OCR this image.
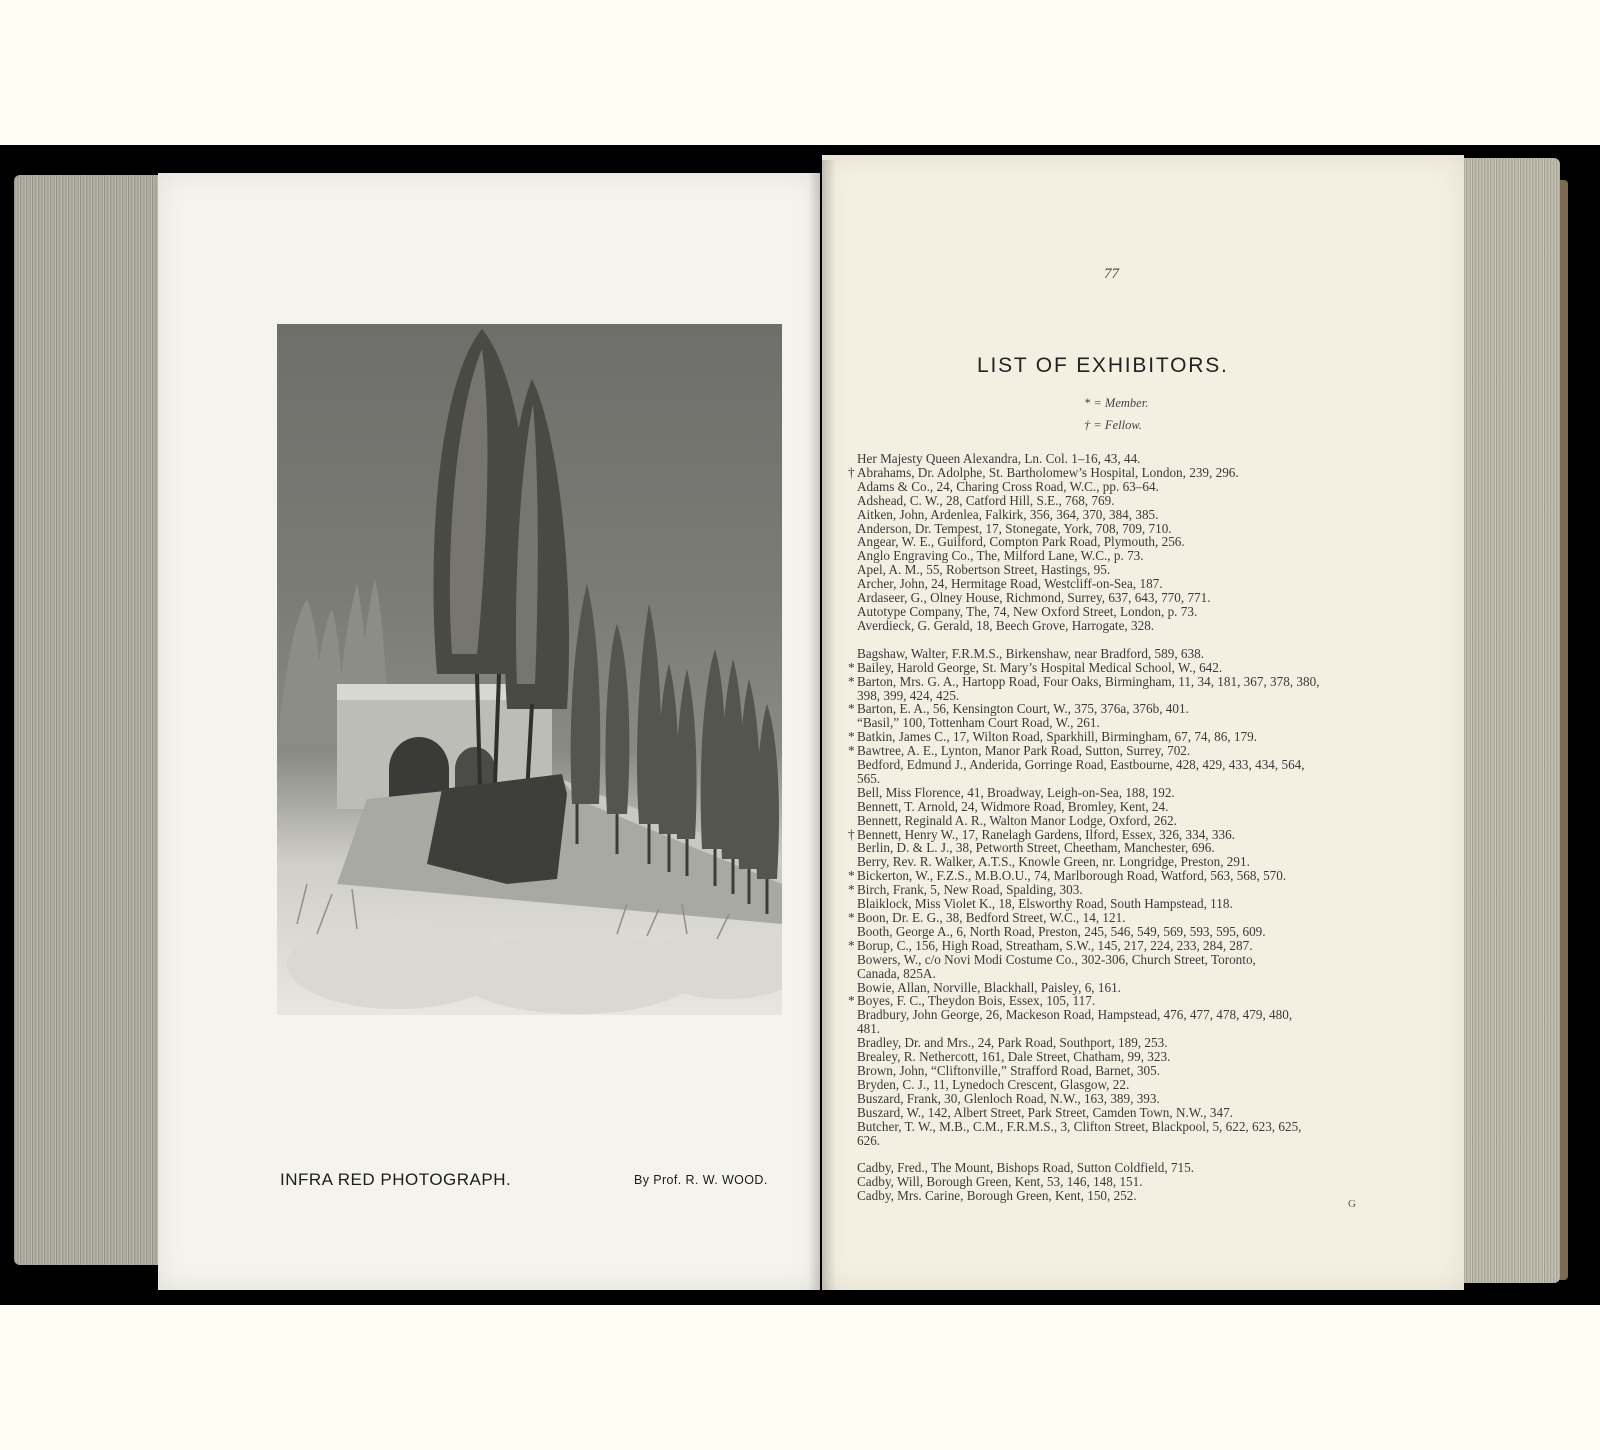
INFRA RED PHOTOGRAPH.	By Prof. R. W. WOOD.
77
LIST OF EXHIBITORS.
* = Member.
† = Fellow.
Her Majesty Queen Alexandra, Ln. Col. 1–16, 43, 44.
† Abrahams, Dr. Adolphe, St. Bartholomew’s Hospital, London, 239, 296.
Adams & Co., 24, Charing Cross Road, W.C., pp. 63–64.
Adshead, C. W., 28, Catford Hill, S.E., 768, 769.
Aitken, John, Ardenlea, Falkirk, 356, 364, 370, 384, 385.
Anderson, Dr. Tempest, 17, Stonegate, York, 708, 709, 710.
Angear, W. E., Guilford, Compton Park Road, Plymouth, 256.
Anglo Engraving Co., The, Milford Lane, W.C., p. 73.
Apel, A. M., 55, Robertson Street, Hastings, 95.
Archer, John, 24, Hermitage Road, Westcliff-on-Sea, 187.
Ardaseer, G., Olney House, Richmond, Surrey, 637, 643, 770, 771.
Autotype Company, The, 74, New Oxford Street, London, p. 73.
Averdieck, G. Gerald, 18, Beech Grove, Harrogate, 328.
Bagshaw, Walter, F.R.M.S., Birkenshaw, near Bradford, 589, 638.
* Bailey, Harold George, St. Mary’s Hospital Medical School, W., 642.
* Barton, Mrs. G. A., Hartopp Road, Four Oaks, Birmingham, 11, 34, 181, 367, 378, 380,
398, 399, 424, 425.
* Barton, E. A., 56, Kensington Court, W., 375, 376a, 376b, 401.
“Basil,” 100, Tottenham Court Road, W., 261.
* Batkin, James C., 17, Wilton Road, Sparkhill, Birmingham, 67, 74, 86, 179.
* Bawtree, A. E., Lynton, Manor Park Road, Sutton, Surrey, 702.
Bedford, Edmund J., Anderida, Gorringe Road, Eastbourne, 428, 429, 433, 434, 564,
565.
Bell, Miss Florence, 41, Broadway, Leigh-on-Sea, 188, 192.
Bennett, T. Arnold, 24, Widmore Road, Bromley, Kent, 24.
Bennett, Reginald A. R., Walton Manor Lodge, Oxford, 262.
† Bennett, Henry W., 17, Ranelagh Gardens, Ilford, Essex, 326, 334, 336.
Berlin, D. & L. J., 38, Petworth Street, Cheetham, Manchester, 696.
Berry, Rev. R. Walker, A.T.S., Knowle Green, nr. Longridge, Preston, 291.
* Bickerton, W., F.Z.S., M.B.O.U., 74, Marlborough Road, Watford, 563, 568, 570.
* Birch, Frank, 5, New Road, Spalding, 303.
Blaiklock, Miss Violet K., 18, Elsworthy Road, South Hampstead, 118.
* Boon, Dr. E. G., 38, Bedford Street, W.C., 14, 121.
Booth, George A., 6, North Road, Preston, 245, 546, 549, 569, 593, 595, 609.
* Borup, C., 156, High Road, Streatham, S.W., 145, 217, 224, 233, 284, 287.
Bowers, W., c/o Novi Modi Costume Co., 302-306, Church Street, Toronto,
Canada, 825A.
Bowie, Allan, Norville, Blackhall, Paisley, 6, 161.
* Boyes, F. C., Theydon Bois, Essex, 105, 117.
Bradbury, John George, 26, Mackeson Road, Hampstead, 476, 477, 478, 479, 480,
481.
Bradley, Dr. and Mrs., 24, Park Road, Southport, 189, 253.
Brealey, R. Nethercott, 161, Dale Street, Chatham, 99, 323.
Brown, John, “Cliftonville,” Strafford Road, Barnet, 305.
Bryden, C. J., 11, Lynedoch Crescent, Glasgow, 22.
Buszard, Frank, 30, Glenloch Road, N.W., 163, 389, 393.
Buszard, W., 142, Albert Street, Park Street, Camden Town, N.W., 347.
Butcher, T. W., M.B., C.M., F.R.M.S., 3, Clifton Street, Blackpool, 5, 622, 623, 625,
626.
Cadby, Fred., The Mount, Bishops Road, Sutton Coldfield, 715.
Cadby, Will, Borough Green, Kent, 53, 146, 148, 151.
Cadby, Mrs. Carine, Borough Green, Kent, 150, 252.
G
